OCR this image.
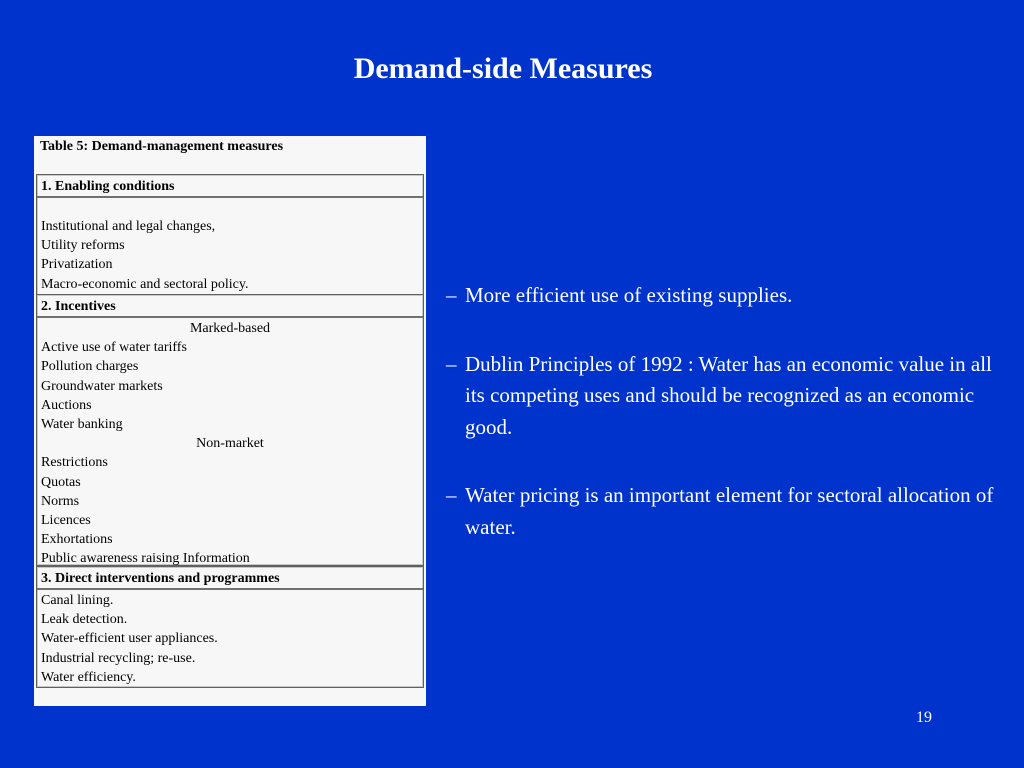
Demand-side Measures
Table 5: Demand-management measures
1. Enabling conditions
Institutional and legal changes,
Utility reforms
Privatization
Macro-economic and sectoral policy.
2. Incentives
Marked-based
Active use of water tariffs
Pollution charges
Groundwater markets
Auctions
Water banking
Non-market
Restrictions
Quotas
Norms
Licences
Exhortations
Public awareness raising Information
3. Direct interventions and programmes
Canal lining.
Leak detection.
Water-efficient user appliances.
Industrial recycling; re-use.
Water efficiency.
– More efficient use of existing supplies.
– Dublin Principles of 1992 : Water has an economic value in all its competing uses and should be recognized as an economic good.
– Water pricing is an important element for sectoral allocation of water.
19
